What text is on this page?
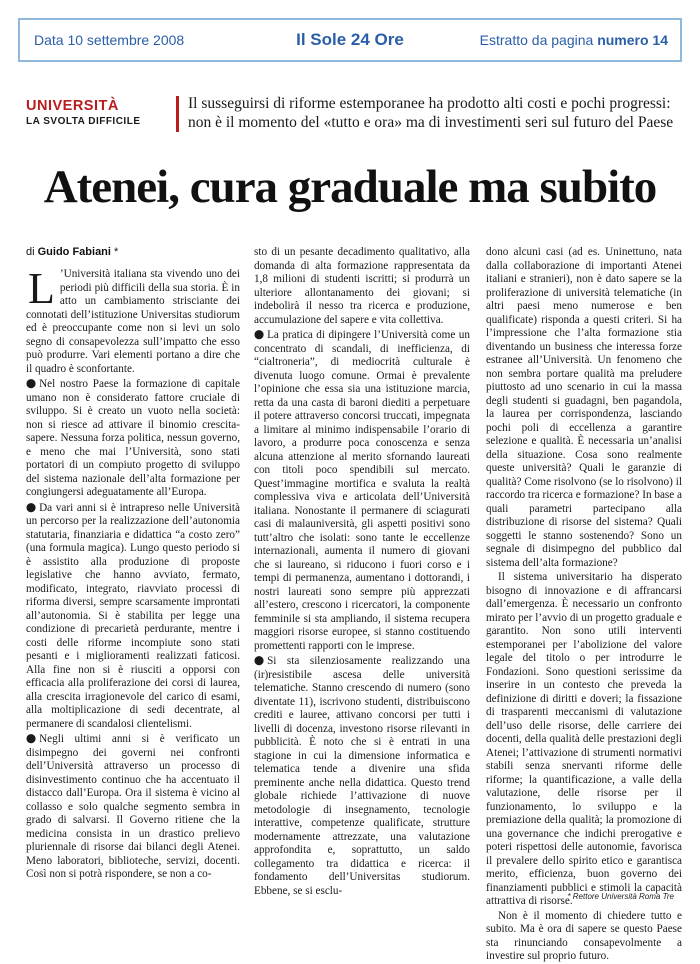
Data 10 settembre 2008	Il Sole 24 Ore	Estratto da pagina numero 14
UNIVERSITÀ
LA SVOLTA DIFFICILE
Il susseguirsi di riforme estemporanee ha prodotto alti costi e pochi progressi: non è il momento del «tutto e ora» ma di investimenti seri sul futuro del Paese
Atenei, cura graduale ma subito
di Guido Fabiani *

L ’Università italiana sta vivendo uno dei periodi più difficili della sua storia. È in atto un cambiamento strisciante dei connotati dell’istituzione Universitas studiorum ed è preoccupante come non si levi un solo segno di consapevolezza sull’impatto che esso può produrre. Vari elementi portano a dire che il quadro è sconfortante.

⬤ Nel nostro Paese la formazione di capitale umano non è considerato fattore cruciale di sviluppo. Si è creato un vuoto nella società: non si riesce ad attivare il binomio crescita-sapere. Nessuna forza politica, nessun governo, e meno che mai l’Università, sono stati portatori di un compiuto progetto di sviluppo del sistema nazionale dell’alta formazione per congiungersi adeguatamente all’Europa.

⬤ Da vari anni si è intrapreso nelle Università un percorso per la realizzazione dell’autonomia statutaria, finanziaria e didattica “a costo zero” (una formula magica). Lungo questo periodo si è assistito alla produzione di proposte legislative che hanno avviato, fermato, modificato, integrato, riavviato processi di riforma diversi, sempre scarsamente improntati all’autonomia. Si è stabilita per legge una condizione di precarietà perdurante, mentre i costi delle riforme incompiute sono stati pesanti e i miglioramenti realizzati faticosi. Alla fine non si è riusciti a opporsi con efficacia alla proliferazione dei corsi di laurea, alla crescita irragionevole del carico di esami, alla moltiplicazione di sedi decentrate, al permanere di scandalosi clientelismi.

⬤ Negli ultimi anni si è verificato un disimpegno dei governi nei confronti dell’Università attraverso un processo di disinvestimento continuo che ha accentuato il distacco dall’Europa. Ora il sistema è vicino al collasso e solo qualche segmento sembra in grado di salvarsi. Il Governo ritiene che la medicina consista in un drastico prelievo pluriennale di risorse dai bilanci degli Atenei. Meno laboratori, biblioteche, servizi, docenti. Così non si potrà rispondere, se non a co-

sto di un pesante decadimento qualitativo, alla domanda di alta formazione rappresentata da 1,8 milioni di studenti iscritti; si produrrà un ulteriore allontanamento dei giovani; si indebolirà il nesso tra ricerca e produzione, accumulazione del sapere e vita collettiva.

⬤ La pratica di dipingere l’Università come un concentrato di scandali, di inefficienza, di “cialtroneria”, di mediocrità culturale è divenuta luogo comune. Ormai è prevalente l’opinione che essa sia una istituzione marcia, retta da una casta di baroni diediti a perpetuare il potere attraverso concorsi truccati, impegnata a limitare al minimo indispensabile l’orario di lavoro, a produrre poca conoscenza e senza alcuna attenzione al merito sfornando laureati con titoli poco spendibili sul mercato. Quest’immagine mortifica e svaluta la realtà complessiva viva e articolata dell’Università italiana. Nonostante il permanere di sciagurati casi di malauniversità, gli aspetti positivi sono tutt’altro che isolati: sono tante le eccellenze internazionali, aumenta il numero di giovani che si laureano, si riducono i fuori corso e i tempi di permanenza, aumentano i dottorandi, i nostri laureati sono sempre più apprezzati all’estero, crescono i ricercatori, la componente femminile si sta ampliando, il sistema recupera maggiori risorse europee, si stanno costituendo promettenti rapporti con le imprese.

⬤ Si sta silenziosamente realizzando una (ir)resistibile ascesa delle università telematiche. Stanno crescendo di numero (sono diventate 11), iscrivono studenti, distribuiscono crediti e lauree, attivano concorsi per tutti i livelli di docenza, investono risorse rilevanti in pubblicità. È noto che si è entrati in una stagione in cui la dimensione informatica e telematica tende a divenire una sfida preminente anche nella didattica. Questo trend globale richiede l’attivazione di nuove metodologie di insegnamento, tecnologie interattive, competenze qualificate, strutture modernamente attrezzate, una valutazione approfondita e, soprattutto, un saldo collegamento tra didattica e ricerca: il fondamento dell’Universitas studiorum. Ebbene, se si esclu-

dono alcuni casi (ad es. Uninettuno, nata dalla collaborazione di importanti Atenei italiani e stranieri), non è dato sapere se la proliferazione di università telematiche (in altri paesi meno numerose e ben qualificate) risponda a questi criteri. Si ha l’impressione che l’alta formazione stia diventando un business che interessa forze estranee all’Università. Un fenomeno che non sembra portare qualità ma preludere piuttosto ad uno scenario in cui la massa degli studenti si guadagni, ben pagandola, la laurea per corrispondenza, lasciando pochi poli di eccellenza a garantire selezione e qualità. È necessaria un’analisi della situazione. Cosa sono realmente queste università? Quali le garanzie di qualità? Come risolvono (se lo risolvono) il raccordo tra ricerca e formazione? In base a quali parametri partecipano alla distribuzione di risorse del sistema? Quali soggetti le stanno sostenendo? Sono un segnale di disimpegno del pubblico dal sistema dell’alta formazione?

Il sistema universitario ha disperato bisogno di innovazione e di affrancarsi dall’emergenza. È necessario un confronto mirato per l’avvio di un progetto graduale e garantito. Non sono utili interventi estemporanei per l’abolizione del valore legale del titolo o per introdurre le Fondazioni. Sono questioni serissime da inserire in un contesto che preveda la definizione di diritti e doveri; la fissazione di trasparenti meccanismi di valutazione dell’uso delle risorse, delle carriere dei docenti, della qualità delle prestazioni degli Atenei; l’attivazione di strumenti normativi stabili senza snervanti riforme delle riforme; la quantificazione, a valle della valutazione, delle risorse per il funzionamento, lo sviluppo e la premiazione della qualità; la promozione di una governance che indichi prerogative e poteri rispettosi delle autonomie, favorisca il prevalere dello spirito etico e garantisca merito, efficienza, buon governo dei finanziamenti pubblici e stimoli la capacità attrattiva di risorse.

Non è il momento di chiedere tutto e subito. Ma è ora di sapere se questo Paese sta rinunciando consapevolmente a investire sul proprio futuro.

* Rettore Università Roma Tre
